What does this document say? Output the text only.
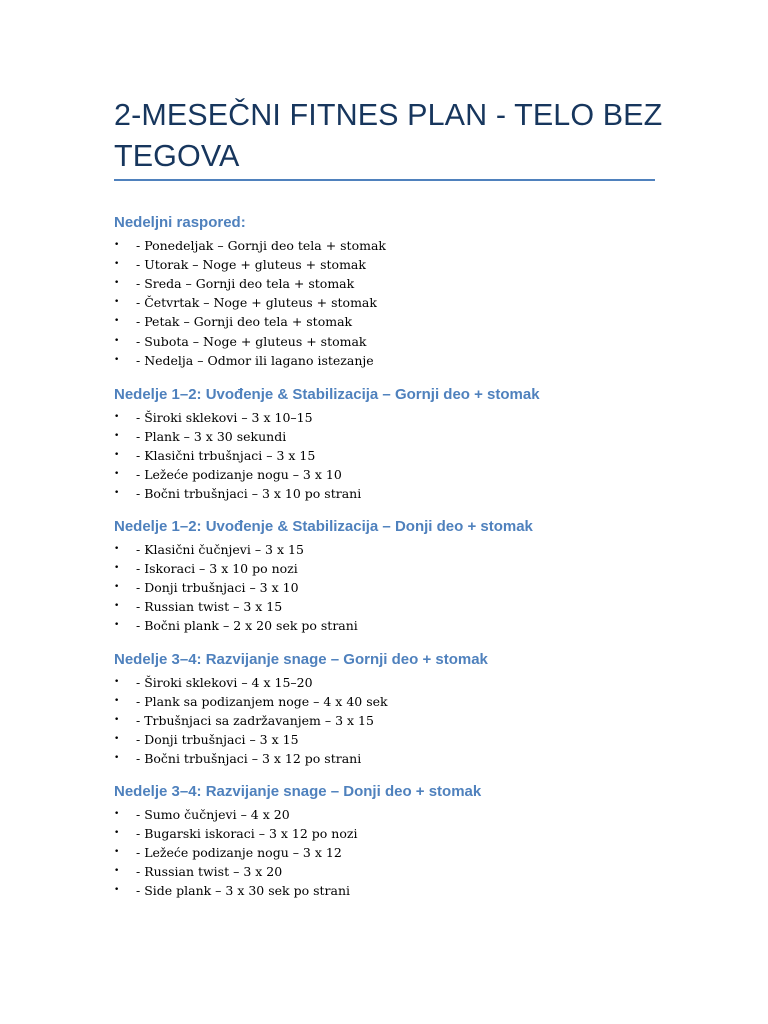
2-MESEČNI FITNES PLAN - TELO BEZ TEGOVA
Nedeljni raspored:
•	- Ponedeljak – Gornji deo tela + stomak
•	- Utorak – Noge + gluteus + stomak
•	- Sreda – Gornji deo tela + stomak
•	- Četvrtak – Noge + gluteus + stomak
•	- Petak – Gornji deo tela + stomak
•	- Subota – Noge + gluteus + stomak
•	- Nedelja – Odmor ili lagano istezanje
Nedelje 1–2: Uvođenje & Stabilizacija – Gornji deo + stomak
•	- Široki sklekovi – 3 x 10–15
•	- Plank – 3 x 30 sekundi
•	- Klasični trbušnjaci – 3 x 15
•	- Ležeće podizanje nogu – 3 x 10
•	- Bočni trbušnjaci – 3 x 10 po strani
Nedelje 1–2: Uvođenje & Stabilizacija – Donji deo + stomak
•	- Klasični čučnjevi – 3 x 15
•	- Iskoraci – 3 x 10 po nozi
•	- Donji trbušnjaci – 3 x 10
•	- Russian twist – 3 x 15
•	- Bočni plank – 2 x 20 sek po strani
Nedelje 3–4: Razvijanje snage – Gornji deo + stomak
•	- Široki sklekovi – 4 x 15–20
•	- Plank sa podizanjem noge – 4 x 40 sek
•	- Trbušnjaci sa zadržavanjem – 3 x 15
•	- Donji trbušnjaci – 3 x 15
•	- Bočni trbušnjaci – 3 x 12 po strani
Nedelje 3–4: Razvijanje snage – Donji deo + stomak
•	- Sumo čučnjevi – 4 x 20
•	- Bugarski iskoraci – 3 x 12 po nozi
•	- Ležeće podizanje nogu – 3 x 12
•	- Russian twist – 3 x 20
•	- Side plank – 3 x 30 sek po strani
